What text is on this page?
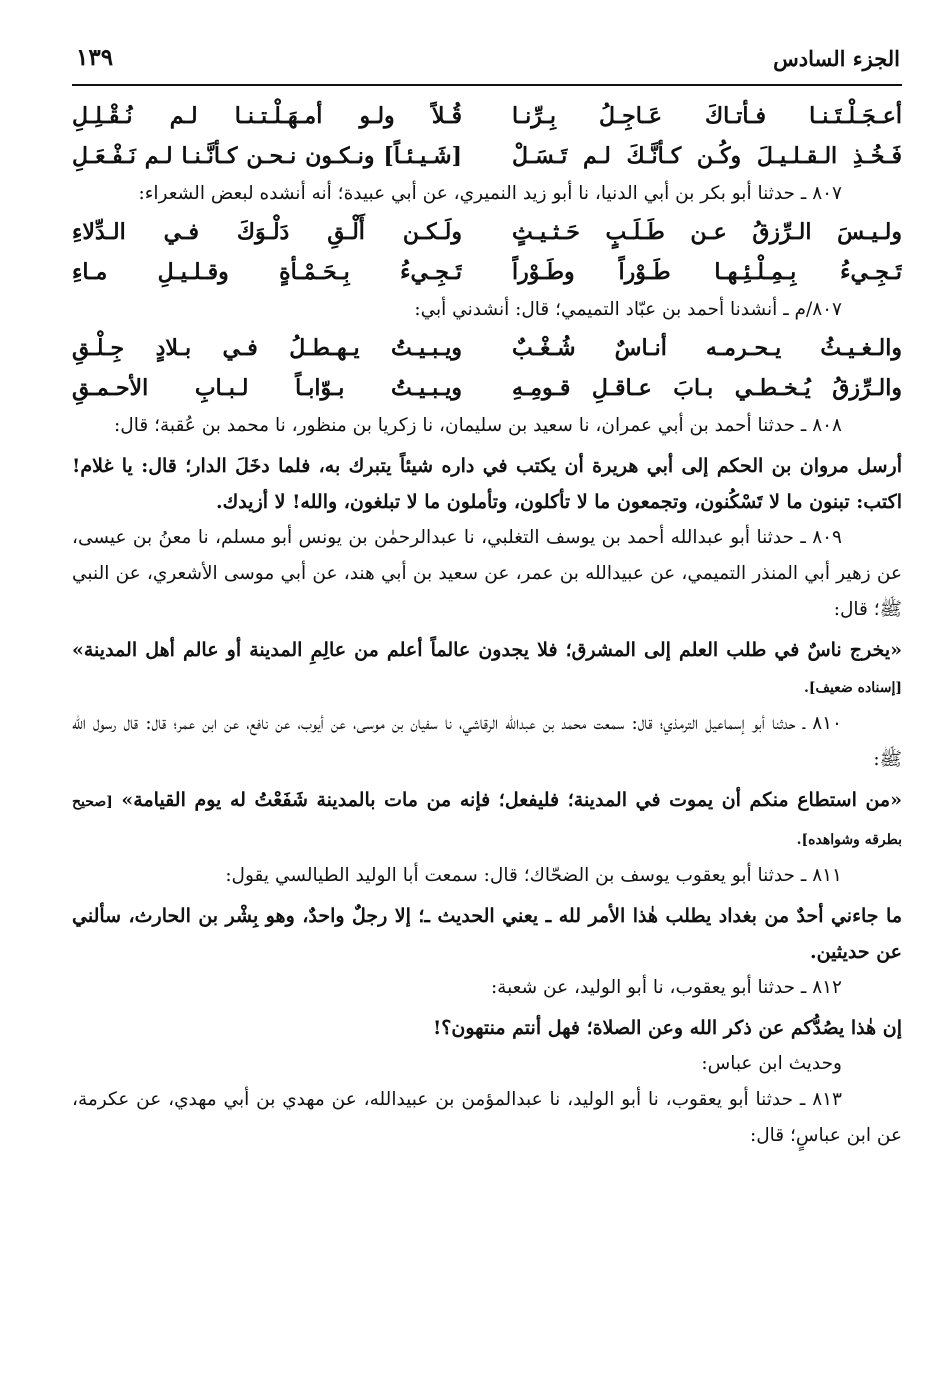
الجزء السادس
١٣٩
أعـجَـلْـتَـنـا فـأتـاكَ عَـاجِـلُ بِـرِّنـا
قُـلاً ولـو أمـهَـلْـتـنـا لـم نُـقْـلِـلِ
فَـخُـذِ الـقـلـيـلَ وكُـن كـأنَّـكَ لـم تَـسَـلْ
[شَـيـئـاً] ونـكـون نـحـن كـأنَّـنـا لـم نَـفْـعَـلِ

٨٠٧ ـ حدثنا أبو بكر بن أبي الدنيا، نا أبو زيد النميري، عن أبي عبيدة؛ أنه أنشده لبعض الشعراء:

ولـيـسَ الـرِّزقُ عـن طَـلَـبٍ حَـثـيـثٍ
ولَـكـن أَلْـقِ دَلْـوَكَ فـي الـدِّلاءِ
تَـجِـيءُ بِـمِـلْـئِـهـا طَـوْراً وطَـوْراً
تَـجِـيءُ بِـحَـمْـأةٍ وقـلـيـلِ مـاءِ

٨٠٧/م ـ أنشدنا أحمد بن عبّاد التميمي؛ قال: أنشدني أبي:

والـغـيـثُ يـحـرمـه أنـاسٌ شُـغْـبٌ
ويـبـيـتُ يـهـطـلُ فـي بـلادٍ جِـلْـقِ
والـرِّزقُ يُـخـطـي بـابَ عـاقـلِ قـومِـهِ
ويـبـيـتُ بـوّابـاً لـبـابِ الأحـمـقِ

٨٠٨ ـ حدثنا أحمد بن أبي عمران، نا سعيد بن سليمان، نا زكريا بن منظور، نا محمد بن عُقبة؛ قال:

أرسل مروان بن الحكم إلى أبي هريرة أن يكتب في داره شيئاً يتبرك به، فلما دخَلَ الدار؛ قال: يا غلام! اكتب: تبنون ما لا تَسْكُنون، وتجمعون ما لا تأكلون، وتأملون ما لا تبلغون، والله! لا أزيدك.

٨٠٩ ـ حدثنا أبو عبدالله أحمد بن يوسف التغلبي، نا عبدالرحمٰن بن يونس أبو مسلم، نا معنُ بن عيسى، عن زهير أبي المنذر التميمي، عن عبيدالله بن عمر، عن سعيد بن أبي هند، عن أبي موسى الأشعري، عن النبي ﷺ؛ قال:

«يخرج ناسٌ في طلب العلم إلى المشرق؛ فلا يجدون عالماً أعلم من عالِمِ المدينة أو عالم أهل المدينة» [إسناده ضعيف].

٨١٠ ـ حدثنا أبو إسماعيل الترمذي؛ قال: سمعت محمد بن عبدالله الرقاشي، نا سفيان بن موسى، عن أيوب، عن نافع، عن ابن عمر؛ قال: قال رسول الله ﷺ:

«من استطاع منكم أن يموت في المدينة؛ فليفعل؛ فإنه من مات بالمدينة شَفَعْتُ له يوم القيامة» [صحيح بطرقه وشواهده].

٨١١ ـ حدثنا أبو يعقوب يوسف بن الضحّاك؛ قال: سمعت أبا الوليد الطيالسي يقول:

ما جاءني أحدٌ من بغداد يطلب هٰذا الأمر لله ـ يعني الحديث ـ؛ إلا رجلٌ واحدٌ، وهو بِشْر بن الحارث، سألني عن حديثين.

٨١٢ ـ حدثنا أبو يعقوب، نا أبو الوليد، عن شعبة:

إن هٰذا يصُدُّكم عن ذكر الله وعن الصلاة؛ فهل أنتم منتهون؟!

وحديث ابن عباس:

٨١٣ ـ حدثنا أبو يعقوب، نا أبو الوليد، نا عبدالمؤمن بن عبيدالله، عن مهدي بن أبي مهدي، عن عكرمة، عن ابن عباسٍ؛ قال:
